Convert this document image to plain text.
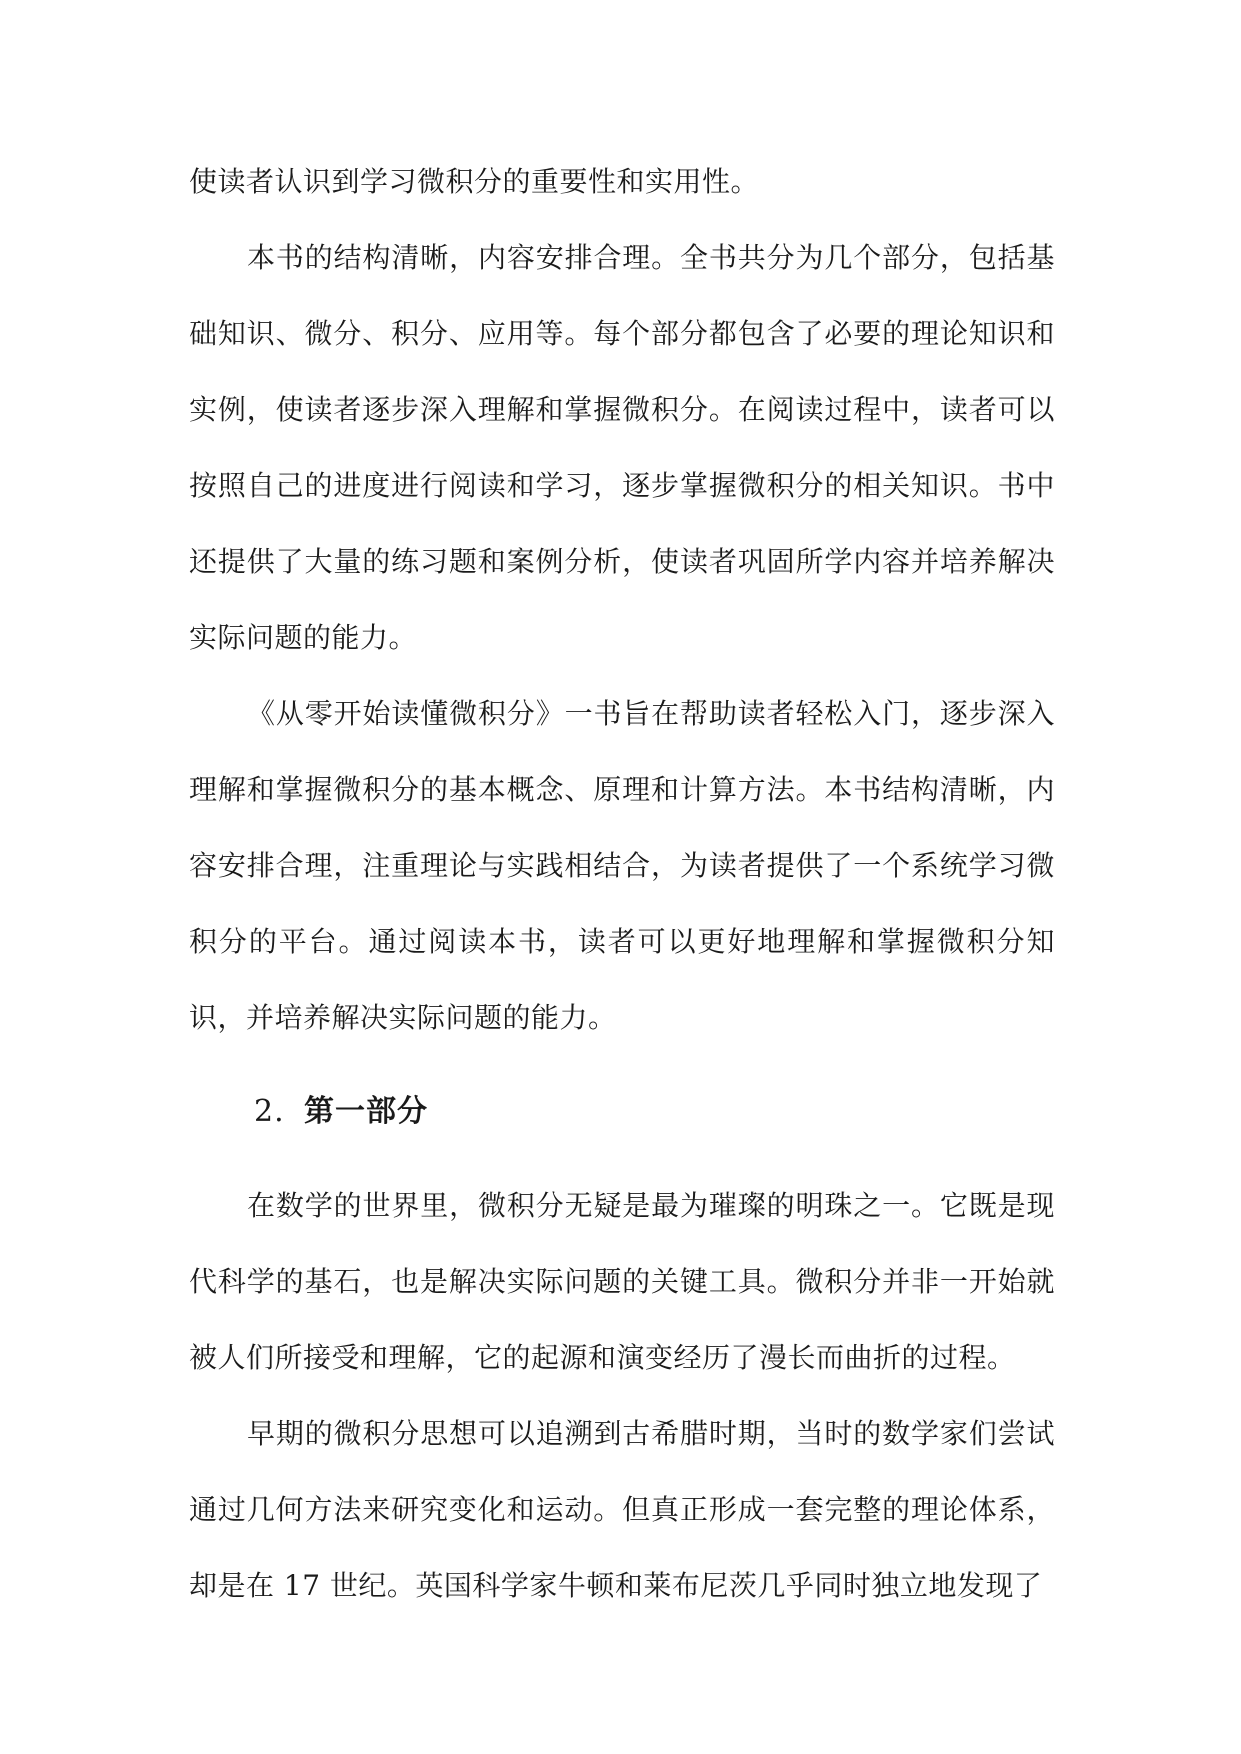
使读者认识到学习微积分的重要性和实用性。

本书的结构清晰，内容安排合理。全书共分为几个部分，包括基础知识、微分、积分、应用等。每个部分都包含了必要的理论知识和实例，使读者逐步深入理解和掌握微积分。在阅读过程中，读者可以按照自己的进度进行阅读和学习，逐步掌握微积分的相关知识。书中还提供了大量的练习题和案例分析，使读者巩固所学内容并培养解决实际问题的能力。

《从零开始读懂微积分》一书旨在帮助读者轻松入门，逐步深入理解和掌握微积分的基本概念、原理和计算方法。本书结构清晰，内容安排合理，注重理论与实践相结合，为读者提供了一个系统学习微积分的平台。通过阅读本书，读者可以更好地理解和掌握微积分知识，并培养解决实际问题的能力。

2. 第一部分

在数学的世界里，微积分无疑是最为璀璨的明珠之一。它既是现代科学的基石，也是解决实际问题的关键工具。微积分并非一开始就被人们所接受和理解，它的起源和演变经历了漫长而曲折的过程。

早期的微积分思想可以追溯到古希腊时期，当时的数学家们尝试通过几何方法来研究变化和运动。但真正形成一套完整的理论体系，却是在 17 世纪。英国科学家牛顿和莱布尼茨几乎同时独立地发现了
